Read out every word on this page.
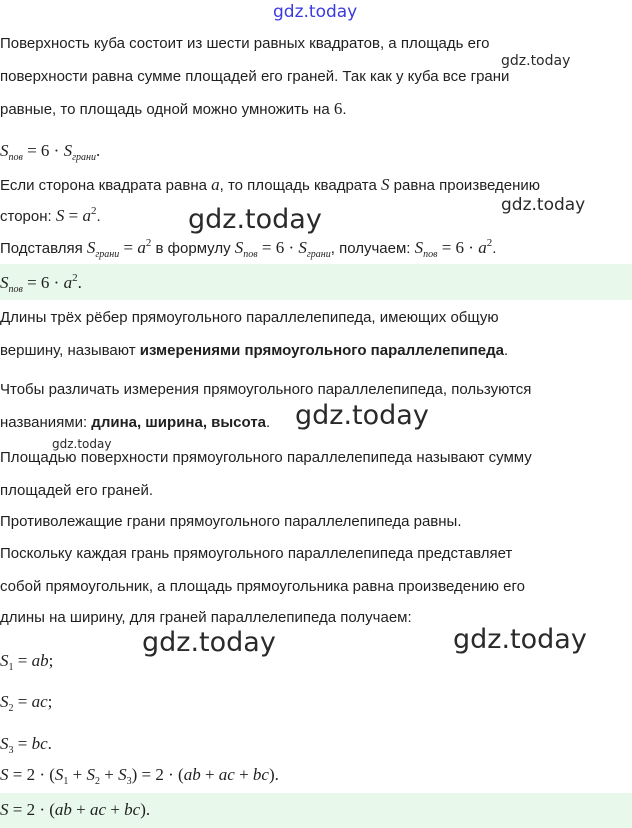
gdz.today
gdz.today
gdz.today
gdz.today
gdz.today
gdz.today
gdz.today	gdz.today
Поверхность куба состоит из шести равных квадратов, а площадь его
поверхности равна сумме площадей его граней. Так как у куба все грани
равные, то площадь одной можно умножить на 6.
$S_{пов} = 6 \cdot S_{грани}$.
Если сторона квадрата равна a, то площадь квадрата S равна произведению
сторон: $S = a^2$.
Подставляя $S_{грани} = a^2$ в формулу $S_{пов} = 6 \cdot S_{грани}$, получаем: $S_{пов} = 6 \cdot a^2$.
$S_{пов} = 6 \cdot a^2$.
Длины трёх рёбер прямоугольного параллелепипеда, имеющих общую
вершину, называют измерениями прямоугольного параллелепипеда.
Чтобы различать измерения прямоугольного параллелепипеда, пользуются
названиями: длина, ширина, высота.
Площадью поверхности прямоугольного параллелепипеда называют сумму
площадей его граней.
Противолежащие грани прямоугольного параллелепипеда равны.
Поскольку каждая грань прямоугольного параллелепипеда представляет
собой прямоугольник, а площадь прямоугольника равна произведению его
длины на ширину, для граней параллелепипеда получаем:
$S_1$ = ab;
$S_2$ = ac;
$S_3$ = bc.
$S = 2 \cdot (S_1 + S_2 + S_3) = 2 \cdot (ab$ + ac + bc).
S = 2 · (ab + ac + bc).
